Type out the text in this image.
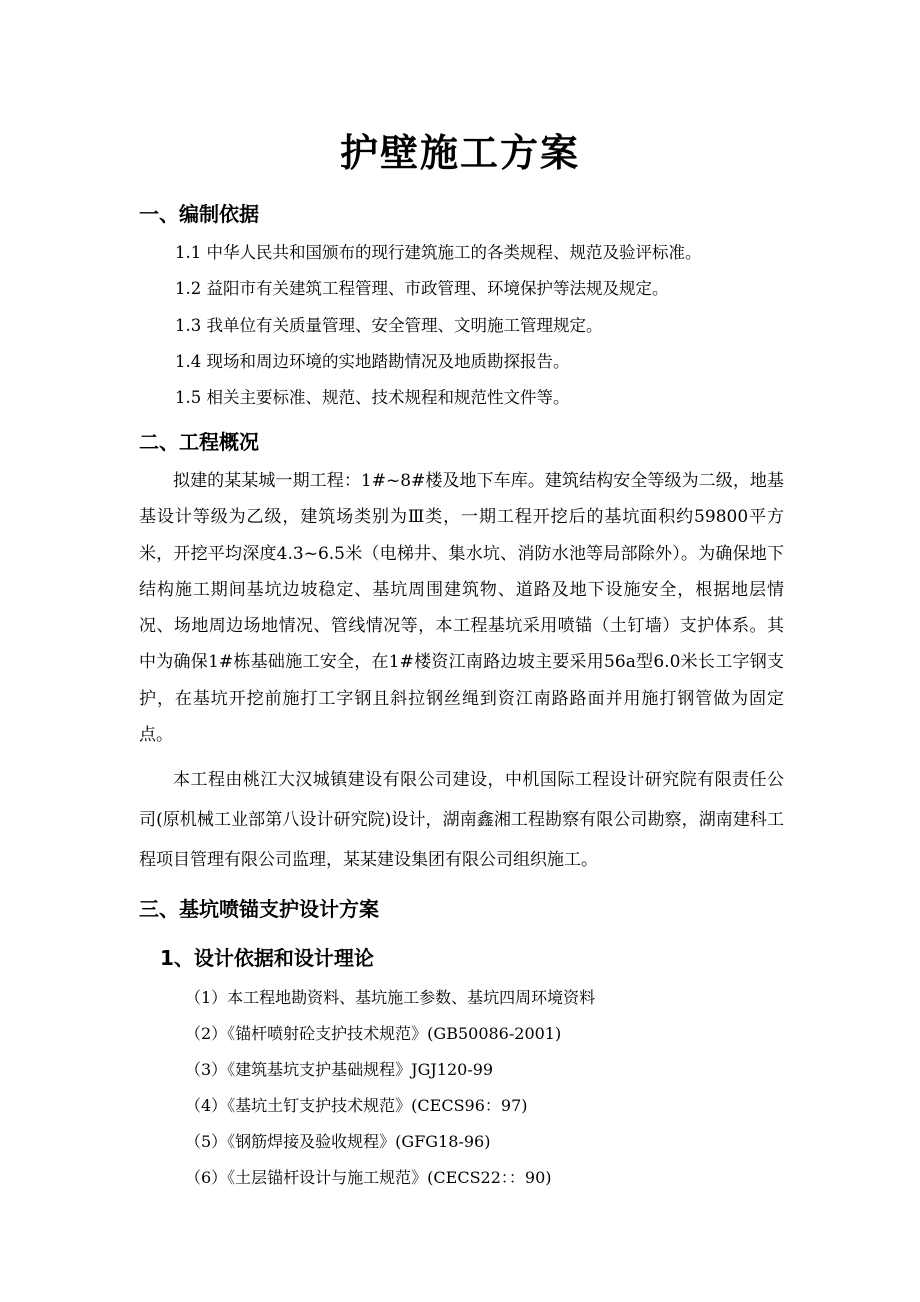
护壁施工方案
一、编制依据
1.1 中华人民共和国颁布的现行建筑施工的各类规程、规范及验评标准。
1.2 益阳市有关建筑工程管理、市政管理、环境保护等法规及规定。
1.3 我单位有关质量管理、安全管理、文明施工管理规定。
1.4 现场和周边环境的实地踏勘情况及地质勘探报告。
1.5 相关主要标准、规范、技术规程和规范性文件等。
二、工程概况

拟建的某某城一期工程：1#~8#楼及地下车库。建筑结构安全等级为二级，地基基设计等级为乙级，建筑场类别为Ⅲ类，一期工程开挖后的基坑面积约59800平方米，开挖平均深度4.3~6.5米（电梯井、集水坑、消防水池等局部除外）。为确保地下结构施工期间基坑边坡稳定、基坑周围建筑物、道路及地下设施安全，根据地层情况、场地周边场地情况、管线情况等，本工程基坑采用喷锚（土钉墙）支护体系。其中为确保1#栋基础施工安全，在1#楼资江南路边坡主要采用56a型6.0米长工字钢支护，在基坑开挖前施打工字钢且斜拉钢丝绳到资江南路路面并用施打钢管做为固定点。

本工程由桃江大汉城镇建设有限公司建设，中机国际工程设计研究院有限责任公司(原机械工业部第八设计研究院)设计，湖南鑫湘工程勘察有限公司勘察，湖南建科工程项目管理有限公司监理，某某建设集团有限公司组织施工。

三、基坑喷锚支护设计方案
1、设计依据和设计理论
（1）本工程地勘资料、基坑施工参数、基坑四周环境资料
（2）《锚杆喷射砼支护技术规范》(GB50086-2001)
（3）《建筑基坑支护基础规程》JGJ120-99
（4）《基坑土钉支护技术规范》(CECS96：97)
（5）《钢筋焊接及验收规程》(GFG18-96)
（6）《土层锚杆设计与施工规范》(CECS22：：90)
